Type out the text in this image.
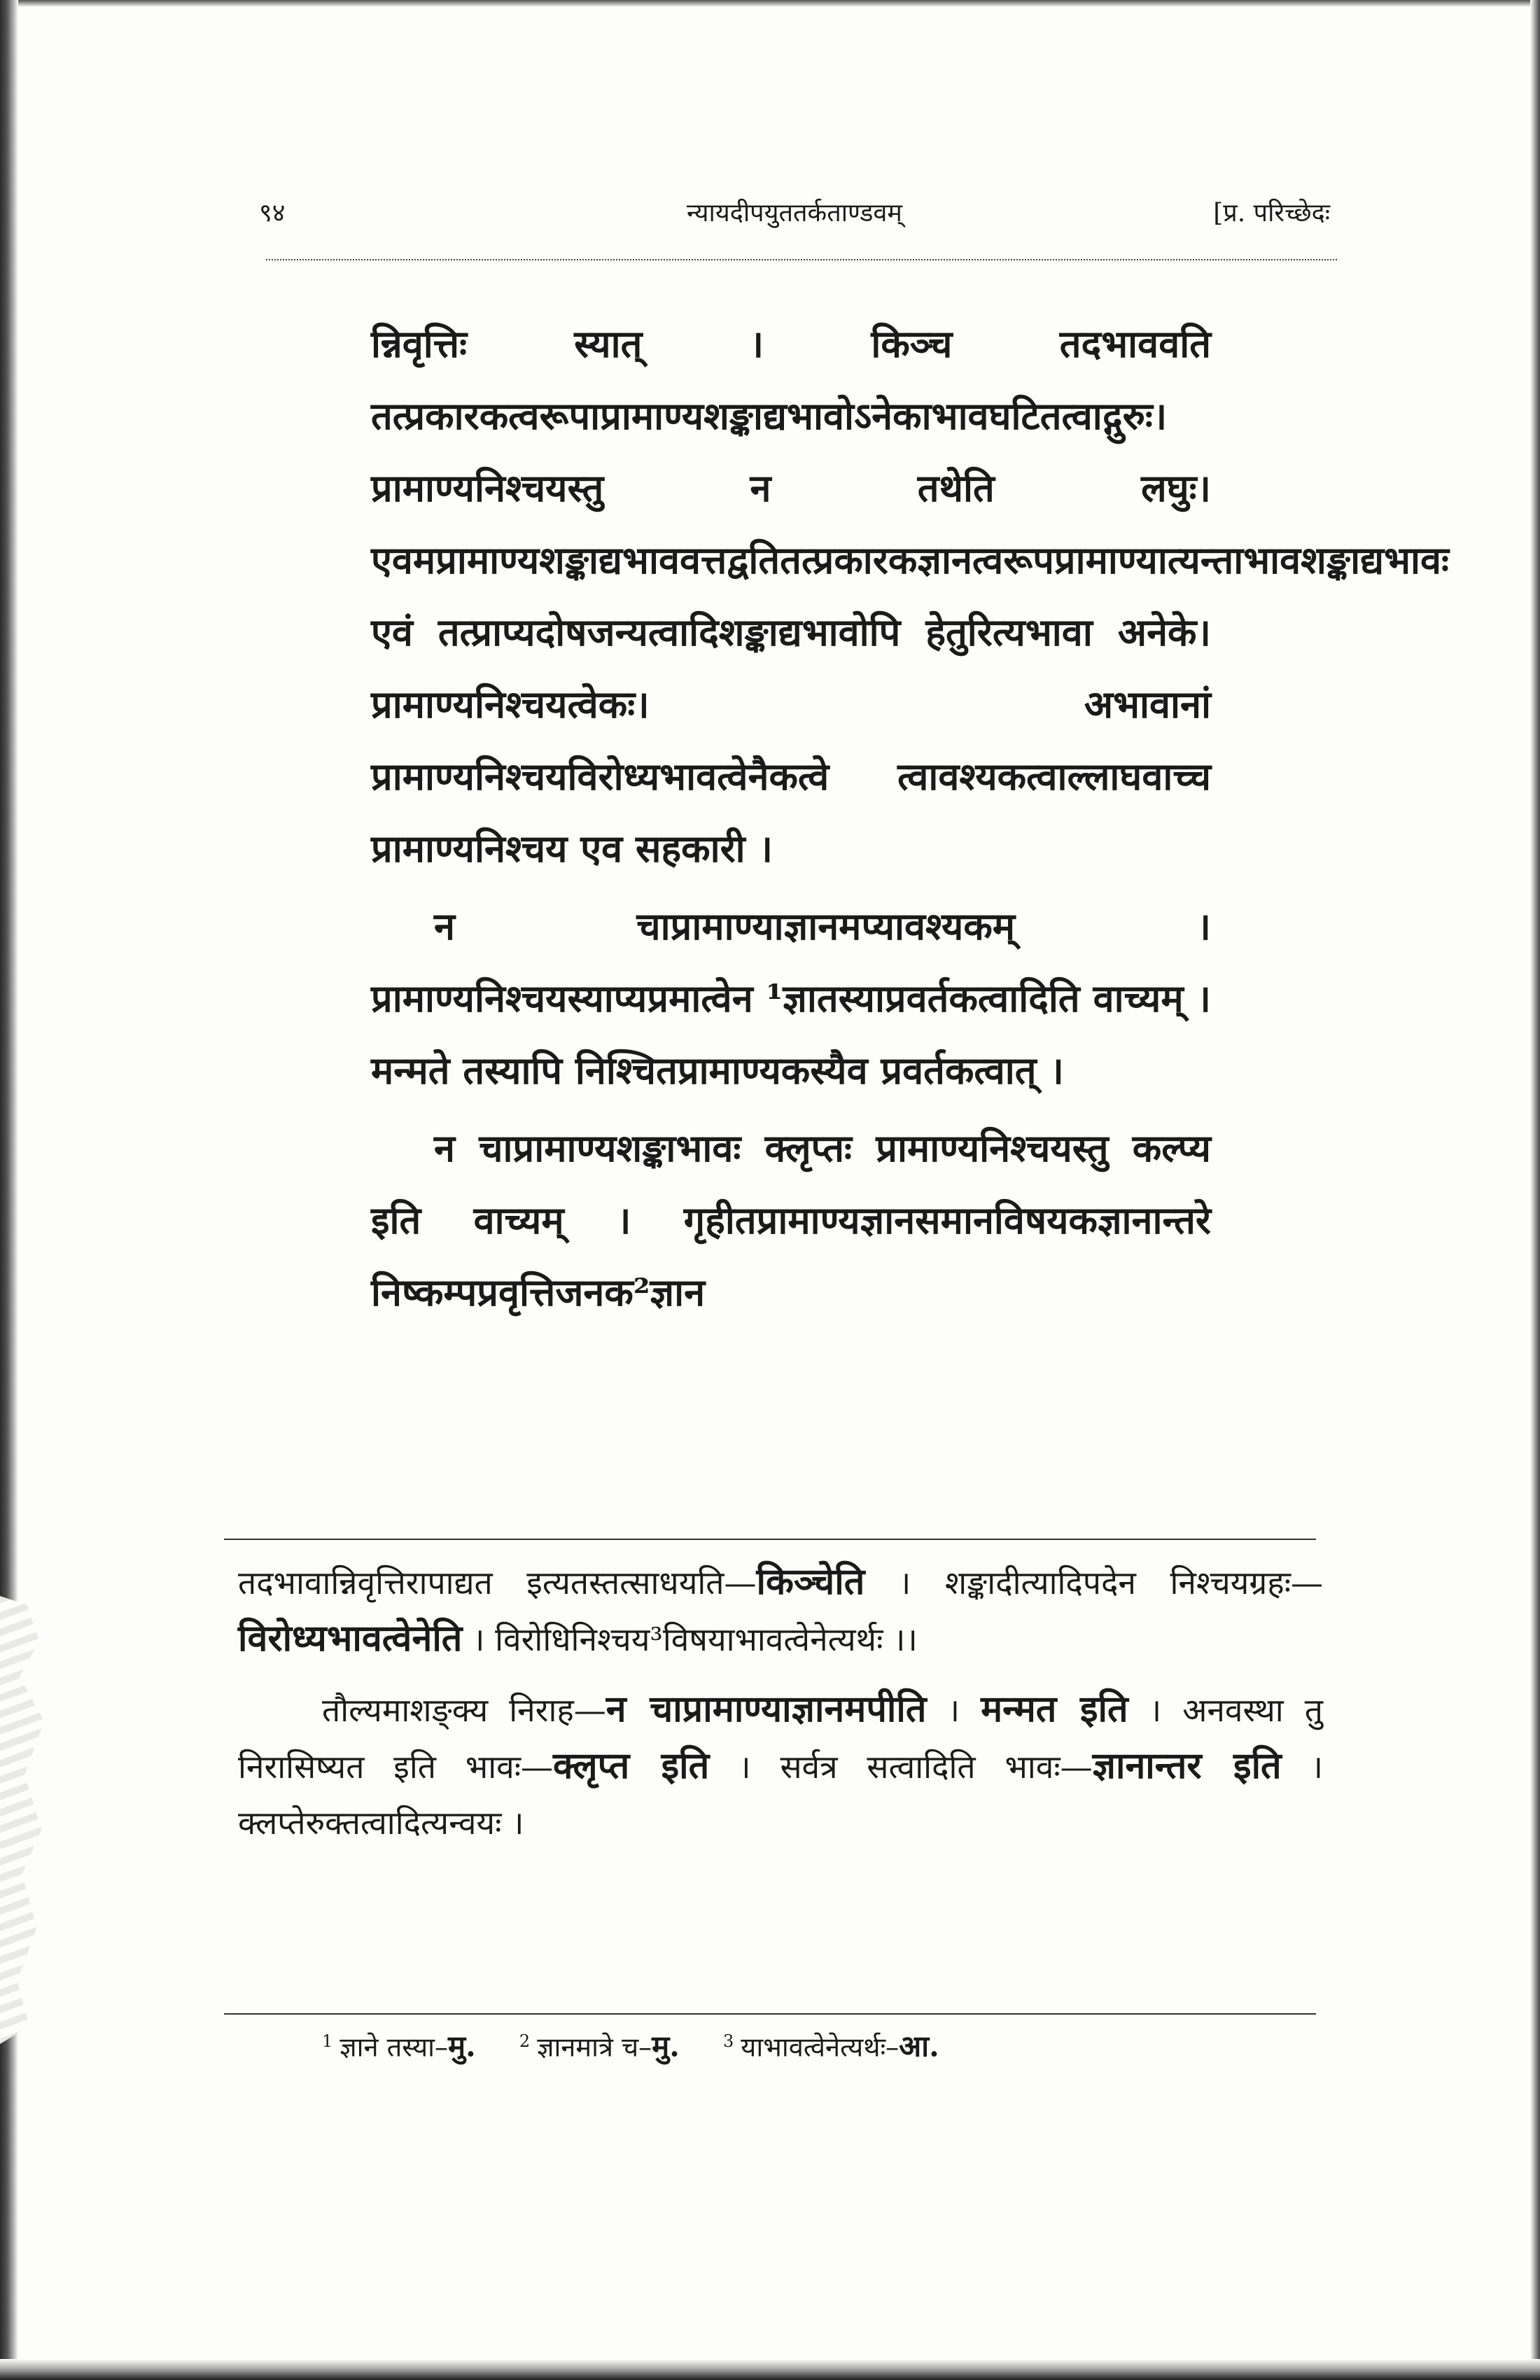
९४	न्यायदीपयुततर्कताण्डवम्	[प्र. परिच्छेदः

न्निवृत्तिः स्यात् । किञ्च तदभाववति तत्प्रकारकत्वरूपाप्रामाण्यशङ्काद्यभावोऽनेकाभावघटितत्वाद्गुरुः। प्रामाण्यनिश्चयस्तु न तथेति लघुः। एवमप्रामाण्यशङ्काद्यभाववत्तद्वतितत्प्रकारकज्ञानत्वरूपप्रामाण्यात्यन्ताभावशङ्काद्यभावः एवं तत्प्राप्यदोषजन्यत्वादिशङ्काद्यभावोपि हेतुरित्यभावा अनेके। प्रामाण्यनिश्चयत्वेकः। अभावानां प्रामाण्यनिश्चयविरोध्यभावत्वेनैकत्वे त्वावश्यकत्वाल्लाघवाच्च प्रामाण्यनिश्चय एव सहकारी ।

न चाप्रामाण्याज्ञानमप्यावश्यकम् । प्रामाण्यनिश्चयस्याप्यप्रमात्वेन ¹ज्ञातस्याप्रवर्तकत्वादिति वाच्यम् । मन्मते तस्यापि निश्चितप्रामाण्यकस्यैव प्रवर्तकत्वात् ।

न चाप्रामाण्यशङ्काभावः क्लृप्तः प्रामाण्यनिश्चयस्तु कल्प्य इति वाच्यम् । गृहीतप्रामाण्यज्ञानसमानविषयकज्ञानान्तरे निष्कम्पप्रवृत्तिजनक²ज्ञान

तदभावान्निवृत्तिरापाद्यत इत्यतस्तत्साधयति—किञ्चेति । शङ्कादीत्यादिपदेन निश्चयग्रहः—विरोध्यभावत्वेनेति । विरोधिनिश्चय³विषयाभावत्वेनेत्यर्थः ।।

तौल्यमाशङ्क्य निराह—न चाप्रामाण्याज्ञानमपीति । मन्मत इति । अनवस्था तु निरासिष्यत इति भावः—क्लृप्त इति । सर्वत्र सत्वादिति भावः—ज्ञानान्तर इति । क्लप्तेरुक्तत्वादित्यन्वयः ।

$^1$ ज्ञाने तस्या–मु.	$^2$ ज्ञानमात्रे च–मु.	$^3$ याभावत्वेनेत्यर्थः–आ.
